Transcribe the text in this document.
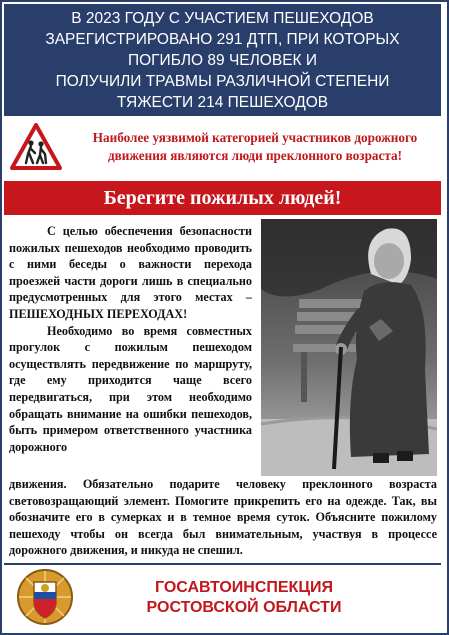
В 2023 ГОДУ С УЧАСТИЕМ ПЕШЕХОДОВ
ЗАРЕГИСТРИРОВАНО 291 ДТП, ПРИ КОТОРЫХ
ПОГИБЛО 89 ЧЕЛОВЕК И
ПОЛУЧИЛИ ТРАВМЫ РАЗЛИЧНОЙ СТЕПЕНИ
ТЯЖЕСТИ 214 ПЕШЕХОДОВ
Наиболее уязвимой категорией участников дорожного
движения являются люди преклонного возраста!
Берегите пожилых людей!

С целью обеспечения безопасности пожилых пешеходов необходимо проводить с ними беседы о важности перехода проезжей части дороги лишь в специально предусмотренных для этого местах – ПЕШЕХОДНЫХ ПЕРЕХОДАХ!

Необходимо во время совместных прогулок с пожилым пешеходом осуществлять передвижение по маршруту, где ему приходится чаще всего передвигаться, при этом необходимо обращать внимание на ошибки пешеходов, быть примером ответственного участника дорожного

движения. Обязательно подарите человеку преклонного возраста световозращающий элемент. Помогите прикрепить его на одежде. Так, вы обозначите его в сумерках и в темное время суток. Объясните пожилому пешеходу чтобы он всегда был внимательным, участвуя в процессе дорожного движения, и никуда не спешил.
ГОСАВТОИНСПЕКЦИЯ
РОСТОВСКОЙ ОБЛАСТИ
